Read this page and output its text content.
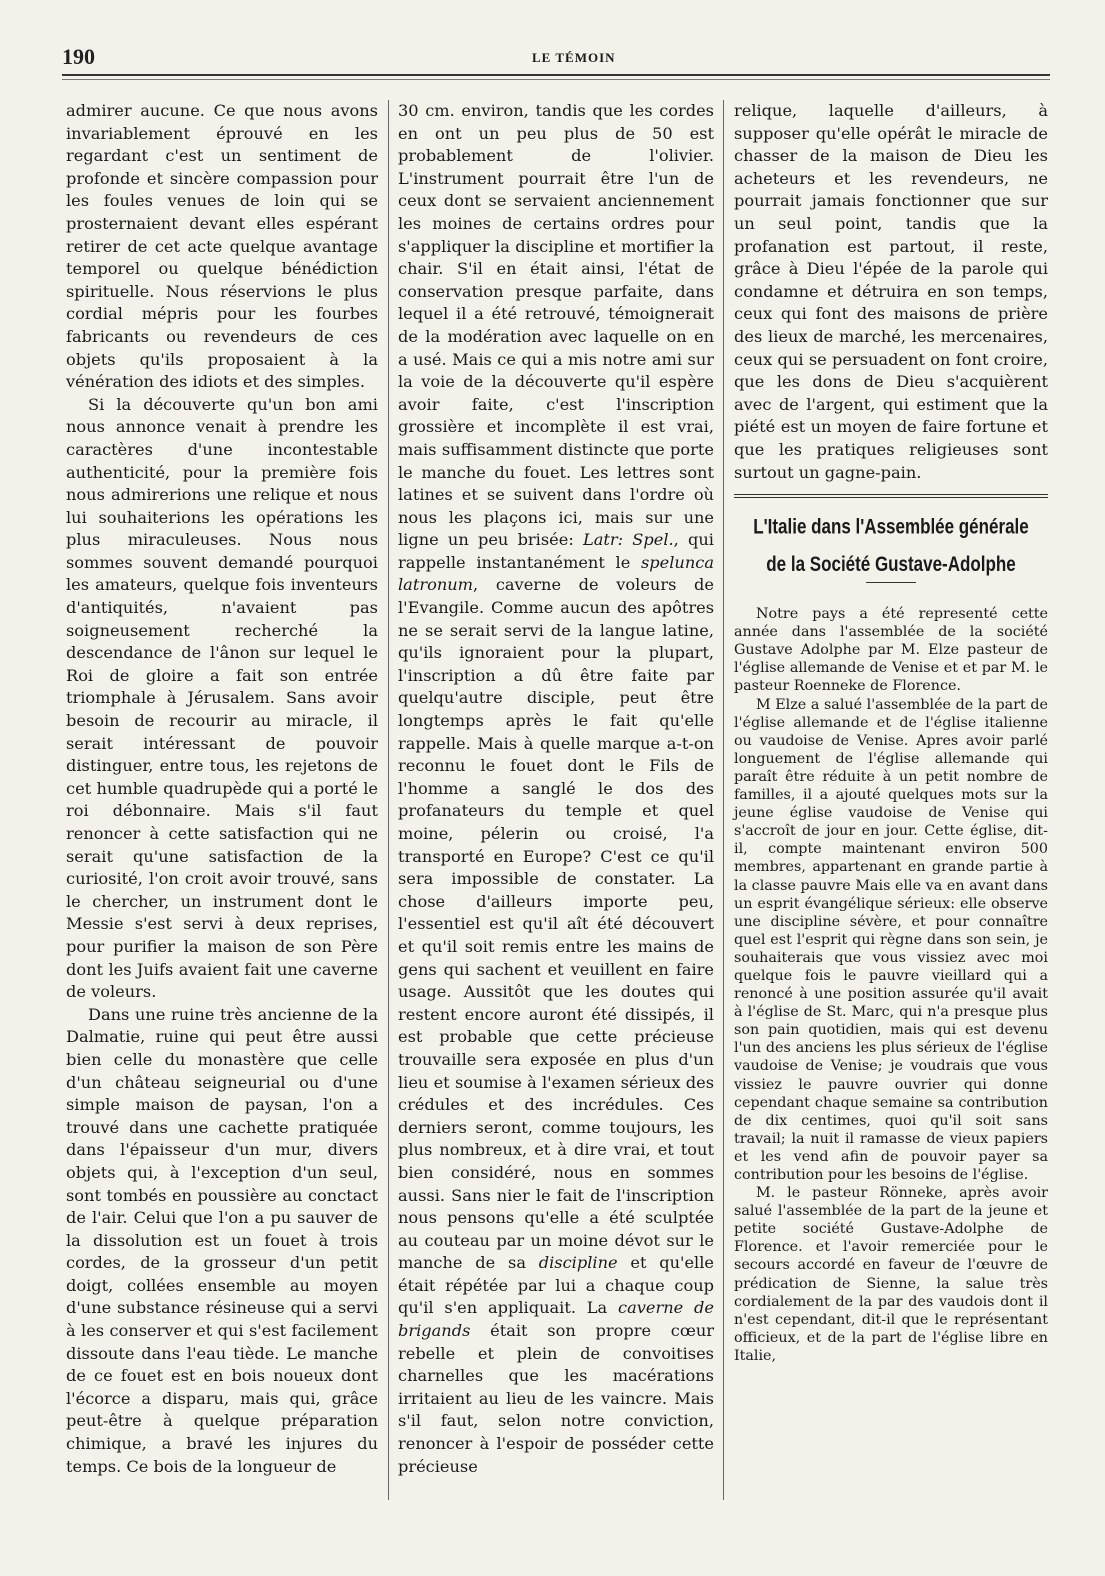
190	LE TÉMOIN

admirer aucune. Ce que nous avons invariablement éprouvé en les regardant c'est un sentiment de profonde et sincère compassion pour les foules venues de loin qui se prosternaient devant elles espérant retirer de cet acte quelque avantage temporel ou quelque bénédiction spirituelle. Nous réservions le plus cordial mépris pour les fourbes fabricants ou revendeurs de ces objets qu'ils proposaient à la vénération des idiots et des simples.

Si la découverte qu'un bon ami nous annonce venait à prendre les caractères d'une incontestable authenticité, pour la première fois nous admirerions une relique et nous lui souhaiterions les opérations les plus miraculeuses. Nous nous sommes souvent demandé pourquoi les amateurs, quelque fois inventeurs d'antiquités, n'avaient pas soigneusement recherché la descendance de l'ânon sur lequel le Roi de gloire a fait son entrée triomphale à Jérusalem. Sans avoir besoin de recourir au miracle, il serait intéressant de pouvoir distinguer, entre tous, les rejetons de cet humble quadrupède qui a porté le roi débonnaire. Mais s'il faut renoncer à cette satisfaction qui ne serait qu'une satisfaction de la curiosité, l'on croit avoir trouvé, sans le chercher, un instrument dont le Messie s'est servi à deux reprises, pour purifier la maison de son Père dont les Juifs avaient fait une caverne de voleurs.

Dans une ruine très ancienne de la Dalmatie, ruine qui peut être aussi bien celle du monastère que celle d'un château seigneurial ou d'une simple maison de paysan, l'on a trouvé dans une cachette pratiquée dans l'épaisseur d'un mur, divers objets qui, à l'exception d'un seul, sont tombés en poussière au conctact de l'air. Celui que l'on a pu sauver de la dissolution est un fouet à trois cordes, de la grosseur d'un petit doigt, collées ensemble au moyen d'une substance résineuse qui a servi à les conserver et qui s'est facilement dissoute dans l'eau tiède. Le manche de ce fouet est en bois noueux dont l'écorce a disparu, mais qui, grâce peut-être à quelque préparation chimique, a bravé les injures du temps. Ce bois de la longueur de

30 cm. environ, tandis que les cordes en ont un peu plus de 50 est probablement de l'olivier. L'instrument pourrait être l'un de ceux dont se servaient anciennement les moines de certains ordres pour s'appliquer la discipline et mortifier la chair. S'il en était ainsi, l'état de conservation presque parfaite, dans lequel il a été retrouvé, témoignerait de la modération avec laquelle on en a usé. Mais ce qui a mis notre ami sur la voie de la découverte qu'il espère avoir faite, c'est l'inscription grossière et incomplète il est vrai, mais suffisamment distincte que porte le manche du fouet. Les lettres sont latines et se suivent dans l'ordre où nous les plaçons ici, mais sur une ligne un peu brisée: Latr: Spel., qui rappelle instantanément le spelunca latronum, caverne de voleurs de l'Evangile. Comme aucun des apôtres ne se serait servi de la langue latine, qu'ils ignoraient pour la plupart, l'inscription a dû être faite par quelqu'autre disciple, peut être longtemps après le fait qu'elle rappelle. Mais à quelle marque a-t-on reconnu le fouet dont le Fils de l'homme a sanglé le dos des profanateurs du temple et quel moine, pélerin ou croisé, l'a transporté en Europe? C'est ce qu'il sera impossible de constater. La chose d'ailleurs importe peu, l'essentiel est qu'il aît été découvert et qu'il soit remis entre les mains de gens qui sachent et veuillent en faire usage. Aussitôt que les doutes qui restent encore auront été dissipés, il est probable que cette précieuse trouvaille sera exposée en plus d'un lieu et soumise à l'examen sérieux des crédules et des incrédules. Ces derniers seront, comme toujours, les plus nombreux, et à dire vrai, et tout bien considéré, nous en sommes aussi. Sans nier le fait de l'inscription nous pensons qu'elle a été sculptée au couteau par un moine dévot sur le manche de sa discipline et qu'elle était répétée par lui a chaque coup qu'il s'en appliquait. La caverne de brigands était son propre cœur rebelle et plein de convoitises charnelles que les macérations irritaient au lieu de les vaincre. Mais s'il faut, selon notre conviction, renoncer à l'espoir de posséder cette précieuse

relique, laquelle d'ailleurs, à supposer qu'elle opérât le miracle de chasser de la maison de Dieu les acheteurs et les revendeurs, ne pourrait jamais fonctionner que sur un seul point, tandis que la profanation est partout, il reste, grâce à Dieu l'épée de la parole qui condamne et détruira en son temps, ceux qui font des maisons de prière des lieux de marché, les mercenaires, ceux qui se persuadent on font croire, que les dons de Dieu s'acquièrent avec de l'argent, qui estiment que la piété est un moyen de faire fortune et que les pratiques religieuses sont surtout un gagne-pain.

L'Italie dans l'Assemblée générale
de la Société Gustave-Adolphe

Notre pays a été representé cette année dans l'assemblée de la société Gustave Adolphe par M. Elze pasteur de l'église allemande de Venise et et par M. le pasteur Roenneke de Florence.

M Elze a salué l'assemblée de la part de l'église allemande et de l'église italienne ou vaudoise de Venise. Apres avoir parlé longuement de l'église allemande qui paraît être réduite à un petit nombre de familles, il a ajouté quelques mots sur la jeune église vaudoise de Venise qui s'accroît de jour en jour. Cette église, dit-il, compte maintenant environ 500 membres, appartenant en grande partie à la classe pauvre Mais elle va en avant dans un esprit évangélique sérieux: elle observe une discipline sévère, et pour connaître quel est l'esprit qui règne dans son sein, je souhaiterais que vous vissiez avec moi quelque fois le pauvre vieillard qui a renoncé à une position assurée qu'il avait à l'église de St. Marc, qui n'a presque plus son pain quotidien, mais qui est devenu l'un des anciens les plus sérieux de l'église vaudoise de Venise; je voudrais que vous vissiez le pauvre ouvrier qui donne cependant chaque semaine sa contribution de dix centimes, quoi qu'il soit sans travail; la nuit il ramasse de vieux papiers et les vend afin de pouvoir payer sa contribution pour les besoins de l'église.

M. le pasteur Rönneke, après avoir salué l'assemblée de la part de la jeune et petite société Gustave-Adolphe de Florence. et l'avoir remerciée pour le secours accordé en faveur de l'œuvre de prédication de Sienne, la salue très cordialement de la par des vaudois dont il n'est cependant, dit-il que le représentant officieux, et de la part de l'église libre en Italie,
